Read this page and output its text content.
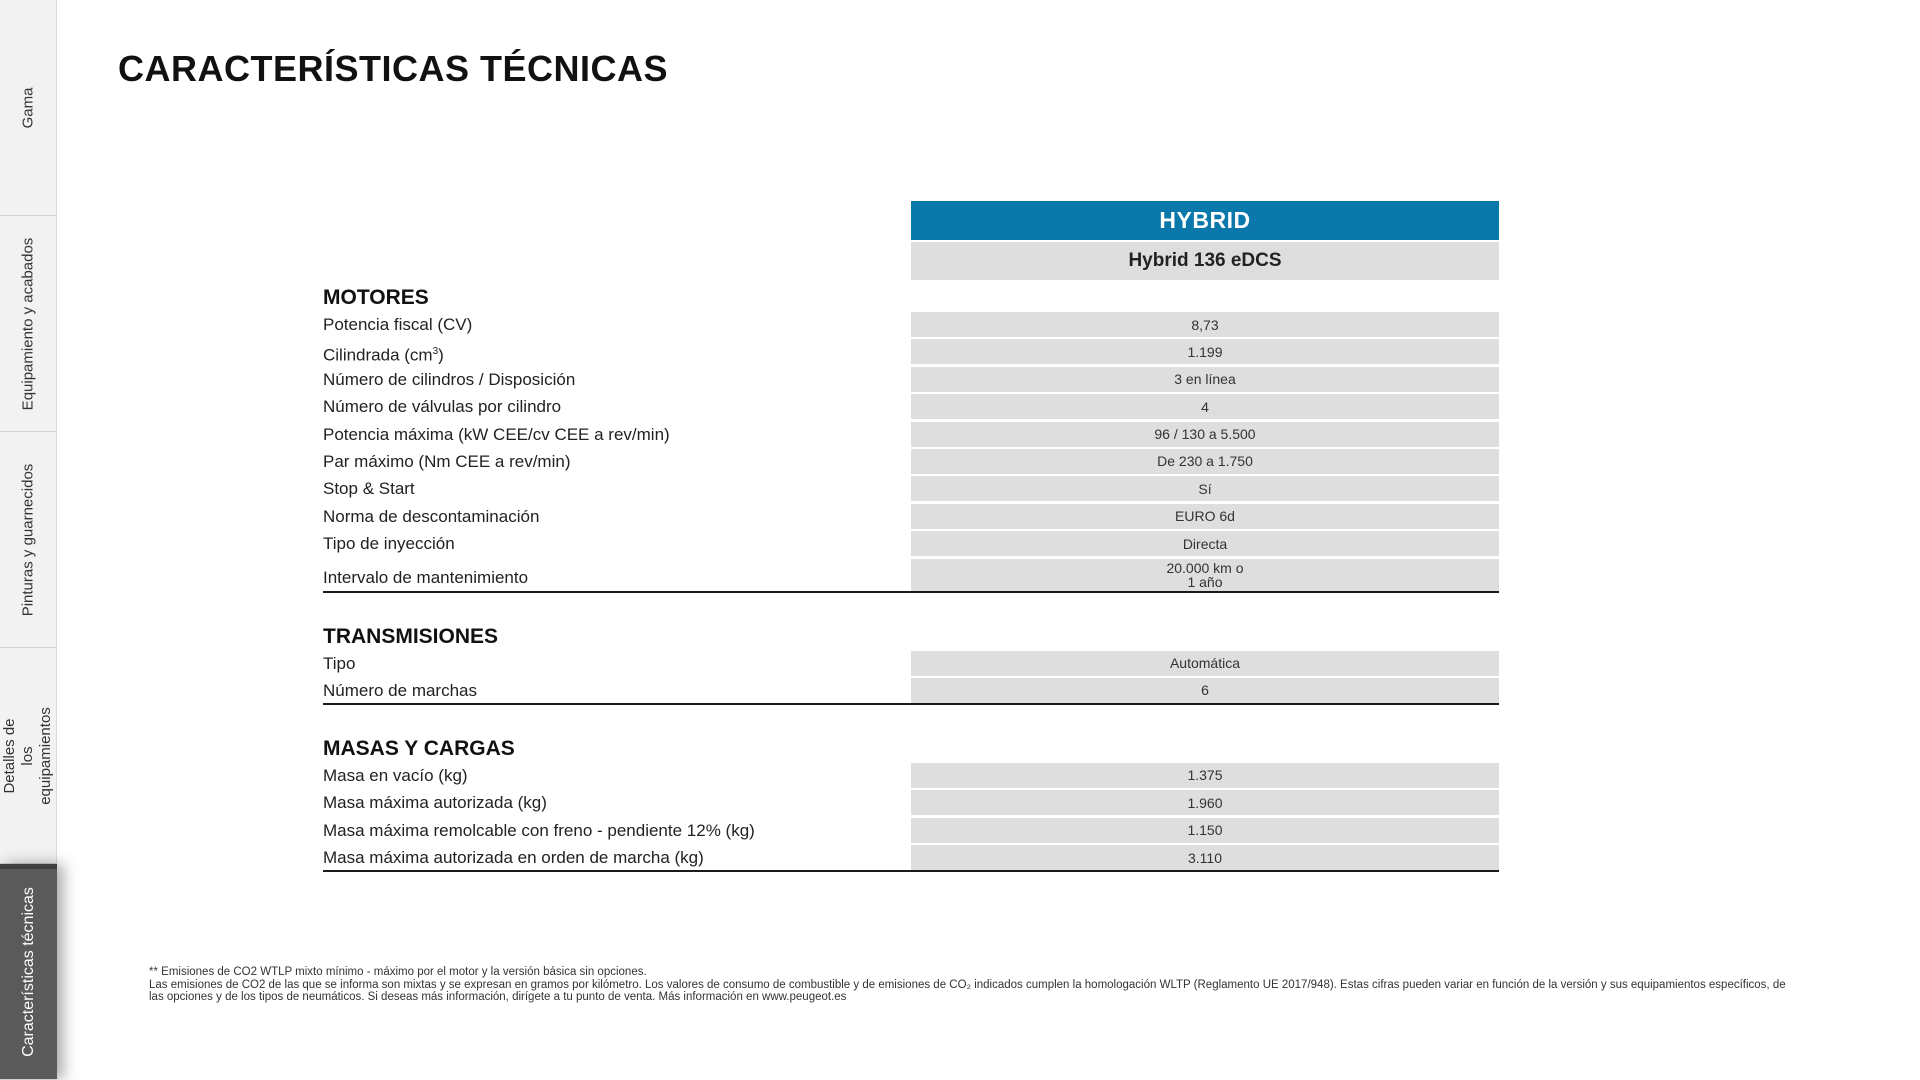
Gama
Equipamiento y acabados
Pinturas y guarnecidos
Detalles de los equipamientos
Características técnicas
CARACTERÍSTICAS TÉCNICAS
HYBRID
Hybrid 136 eDCS
MOTORES
Potencia fiscal (CV)	8,73
Cilindrada $(cm^3)$	1.199
Número de cilindros / Disposición	3 en línea
Número de válvulas por cilindro	4
Potencia máxima (kW CEE/cv CEE a rev/min)	96 / 130 a 5.500
Par máximo (Nm CEE a rev/min)	De 230 a 1.750
Stop & Start	Sí
Norma de descontaminación	EURO 6d
Tipo de inyección	Directa
Intervalo de mantenimiento	20.000 km o
1 año
TRANSMISIONES
Tipo	Automática
Número de marchas	6
MASAS Y CARGAS
Masa en vacío (kg)	1.375
Masa máxima autorizada (kg)	1.960
Masa máxima remolcable con freno - pendiente 12% (kg)	1.150
Masa máxima autorizada en orden de marcha (kg)	3.110

** Emisiones de CO2 WTLP mixto mínimo - máximo por el motor y la versión básica sin opciones.

Las emisiones de CO2 de las que se informa son mixtas y se expresan en gramos por kilómetro. Los valores de consumo de combustible y de emisiones de CO₂ indicados cumplen la homologación WLTP (Reglamento UE 2017/948). Estas cifras pueden variar en función de la versión y sus equipamientos específicos, de las opciones y de los tipos de neumáticos. Si deseas más información, dirígete a tu punto de venta. Más información en www.peugeot.es
